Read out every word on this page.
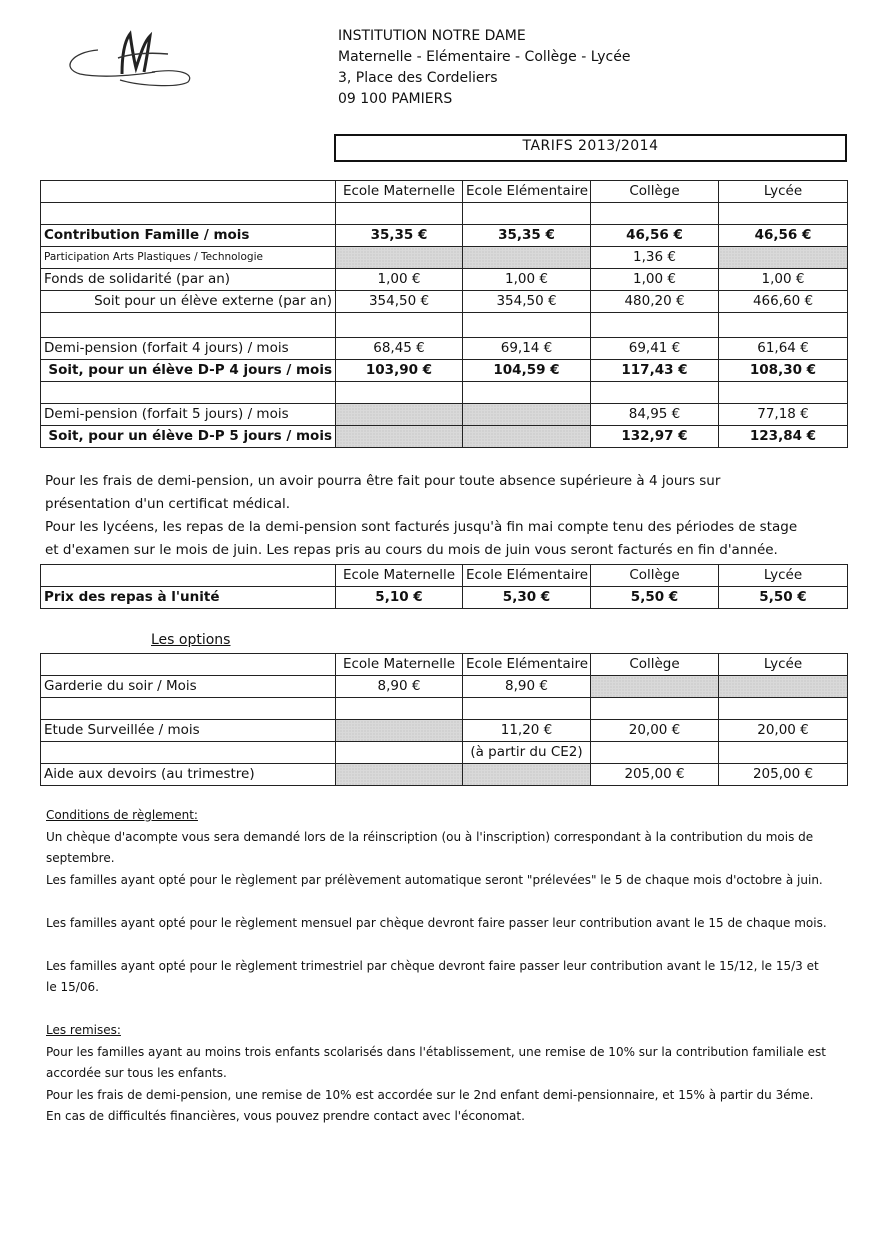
INSTITUTION NOTRE DAME
Maternelle - Elémentaire - Collège - Lycée
3, Place des Cordeliers
09 100 PAMIERS
TARIFS 2013/2014
	Ecole Maternelle	Ecole Elémentaire	Collège	Lycée

Contribution Famille / mois	35,35 €	35,35 €	46,56 €	46,56 €
Participation Arts Plastiques / Technologie			1,36 €	
Fonds de solidarité (par an)	1,00 €	1,00 €	1,00 €	1,00 €
Soit pour un élève externe (par an)	354,50 €	354,50 €	480,20 €	466,60 €

Demi-pension (forfait 4 jours) / mois	68,45 €	69,14 €	69,41 €	61,64 €
Soit, pour un élève D-P 4 jours / mois	103,90 €	104,59 €	117,43 €	108,30 €

Demi-pension (forfait 5 jours) / mois			84,95 €	77,18 €
Soit, pour un élève D-P 5 jours / mois			132,97 €	123,84 €
Pour les frais de demi-pension, un avoir pourra être fait pour toute absence supérieure à 4 jours sur
présentation d'un certificat médical.
Pour les lycéens, les repas de la demi-pension sont facturés jusqu'à fin mai compte tenu des périodes de stage
et d'examen sur le mois de juin. Les repas pris au cours du mois de juin vous seront facturés en fin d'année.
	Ecole Maternelle	Ecole Elémentaire	Collège	Lycée
Prix des repas à l'unité	5,10 €	5,30 €	5,50 €	5,50 €
Les options
	Ecole Maternelle	Ecole Elémentaire	Collège	Lycée
Garderie du soir / Mois	8,90 €	8,90 €		

Etude Surveillée / mois		11,20 €	20,00 €	20,00 €
		(à partir du CE2)		
Aide aux devoirs (au trimestre)			205,00 €	205,00 €
Conditions de règlement:
Un chèque d'acompte vous sera demandé lors de la réinscription (ou à l'inscription) correspondant à la contribution du mois de
septembre.
Les familles ayant opté pour le règlement par prélèvement automatique seront "prélevées" le 5 de chaque mois d'octobre à juin.
Les familles ayant opté pour le règlement mensuel par chèque devront faire passer leur contribution avant le 15 de chaque mois.
Les familles ayant opté pour le règlement trimestriel par chèque devront faire passer leur contribution avant le 15/12, le 15/3 et
le 15/06.
Les remises:
Pour les familles ayant au moins trois enfants scolarisés dans l'établissement, une remise de 10% sur la contribution familiale est
accordée sur tous les enfants.
Pour les frais de demi-pension, une remise de 10% est accordée sur le 2nd enfant demi-pensionnaire, et 15% à partir du 3éme.
En cas de difficultés financières, vous pouvez prendre contact avec l'économat.
